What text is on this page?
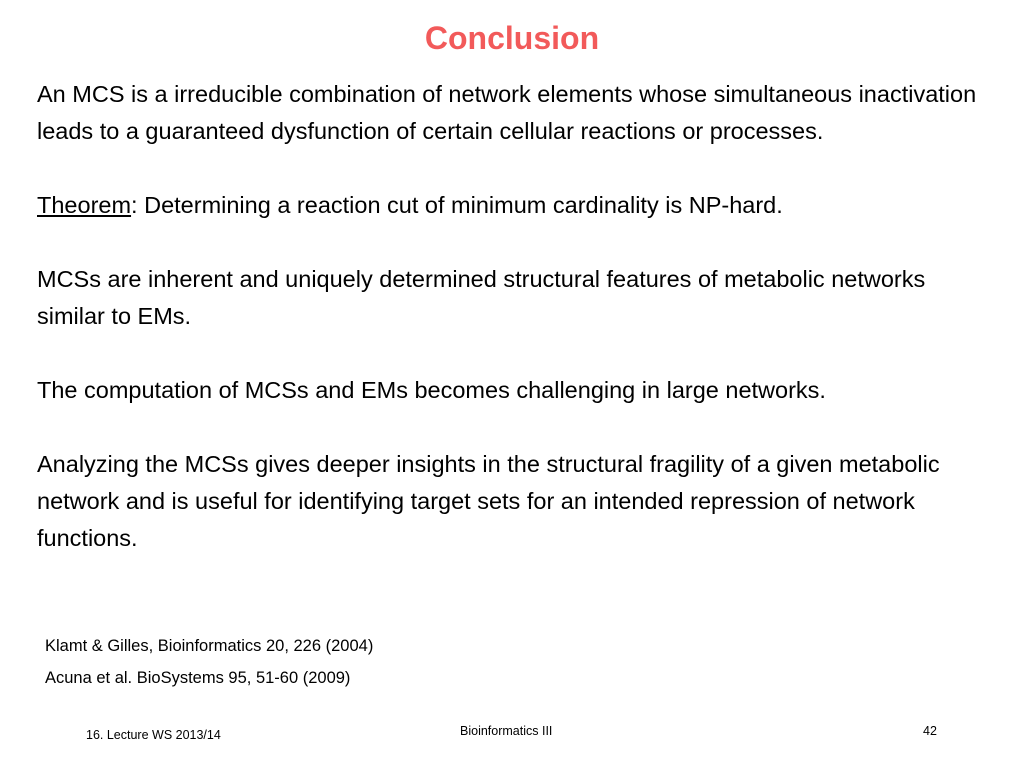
Conclusion

An MCS is a irreducible combination of network elements whose simultaneous inactivation leads to a guaranteed dysfunction of certain cellular reactions or processes.

Theorem: Determining a reaction cut of minimum cardinality is NP-hard.

MCSs are inherent and uniquely determined structural features of metabolic networks similar to EMs.

The computation of MCSs and EMs becomes challenging in large networks.

Analyzing the MCSs gives deeper insights in the structural fragility of a given metabolic network and is useful for identifying target sets for an intended repression of network functions.

Klamt & Gilles, Bioinformatics 20, 226 (2004)
Acuna et al. BioSystems 95, 51-60 (2009)
16. Lecture WS 2013/14	Bioinformatics III	42
